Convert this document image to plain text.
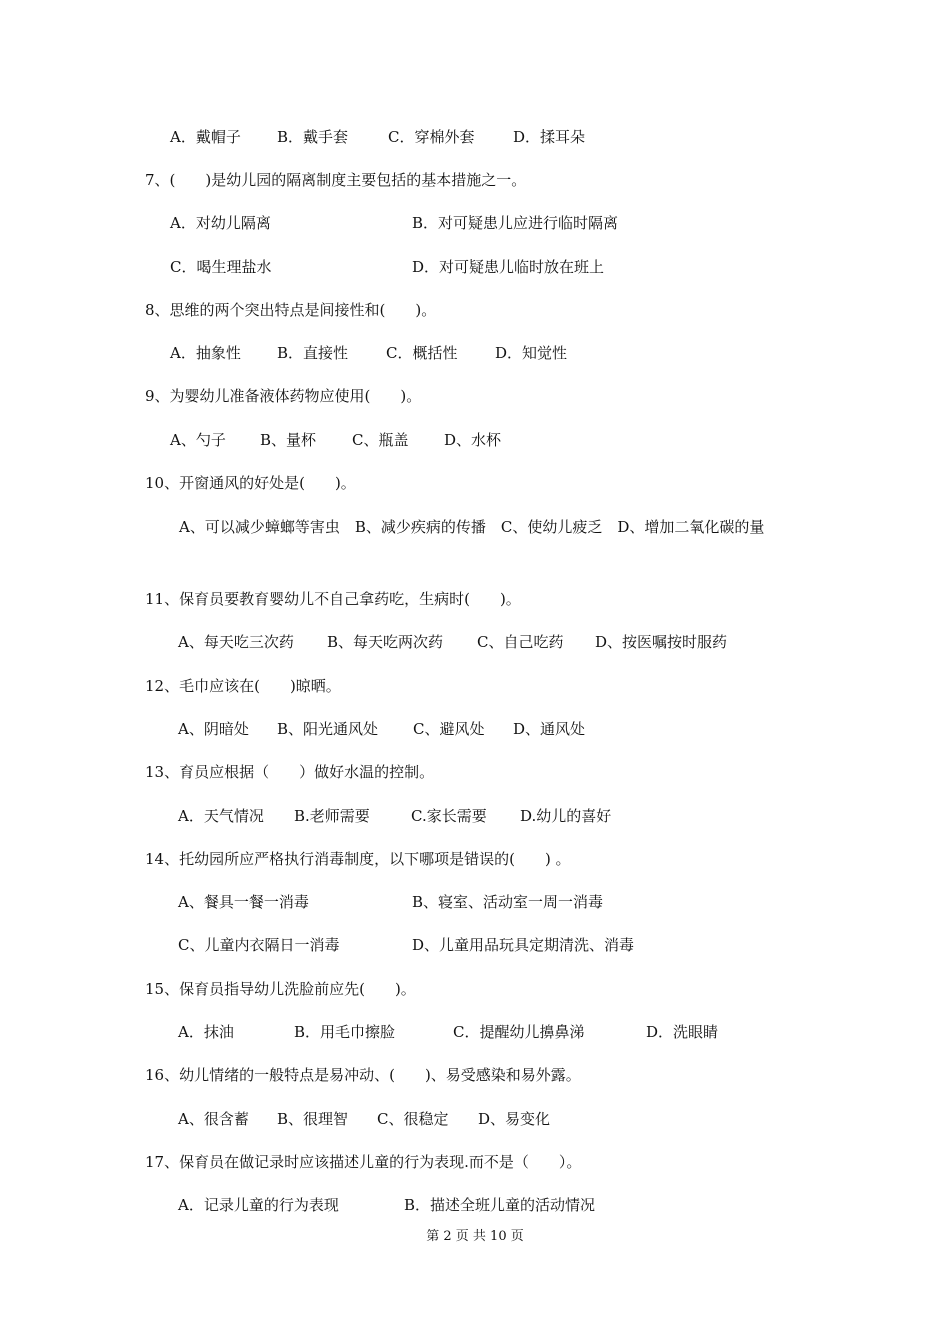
A．戴帽子 B．戴手套	C．穿棉外套	D．揉耳朵
7、(　　)是幼儿园的隔离制度主要包括的基本措施之一。
A．对幼儿隔离	B．对可疑患儿应进行临时隔离
C．喝生理盐水	D．对可疑患儿临时放在班上
8、思维的两个突出特点是间接性和(　　)。
A．抽象性 B．直接性	C．概括性	D．知觉性
9、为婴幼儿准备液体药物应使用(　　)。
A、勺子 B、量杯 C、瓶盖 D、水杯
10、开窗通风的好处是(　　)。
A、可以减少蟑螂等害虫　B、减少疾病的传播　C、使幼儿疲乏　D、增加二氧化碳的量
11、保育员要教育婴幼儿不自己拿药吃，生病时(　　)。
A、每天吃三次药 B、每天吃两次药 C、自己吃药 D、按医嘱按时服药
12、毛巾应该在(　　)晾晒。
A、阴暗处 B、阳光通风处 C、避风处 D、通风处
13、育员应根据（　　）做好水温的控制。
A．天气情况 B.老师需要	C.家长需要 D.幼儿的喜好
14、托幼园所应严格执行消毒制度，以下哪项是错误的(　　) 。
A、餐具一餐一消毒	B、寝室、活动室一周一消毒
C、儿童内衣隔日一消毒	D、儿童用品玩具定期清洗、消毒
15、保育员指导幼儿洗脸前应先(　　)。
A．抹油	B．用毛巾擦脸	C．提醒幼儿擤鼻涕	D．洗眼睛
16、幼儿情绪的一般特点是易冲动、(　　)、易受感染和易外露。
A、很含蓄 B、很理智 C、很稳定 D、易变化
17、保育员在做记录时应该描述儿童的行为表现.而不是（　　）。
A．记录儿童的行为表现	B．描述全班儿童的活动情况
第 2 页 共 10 页
